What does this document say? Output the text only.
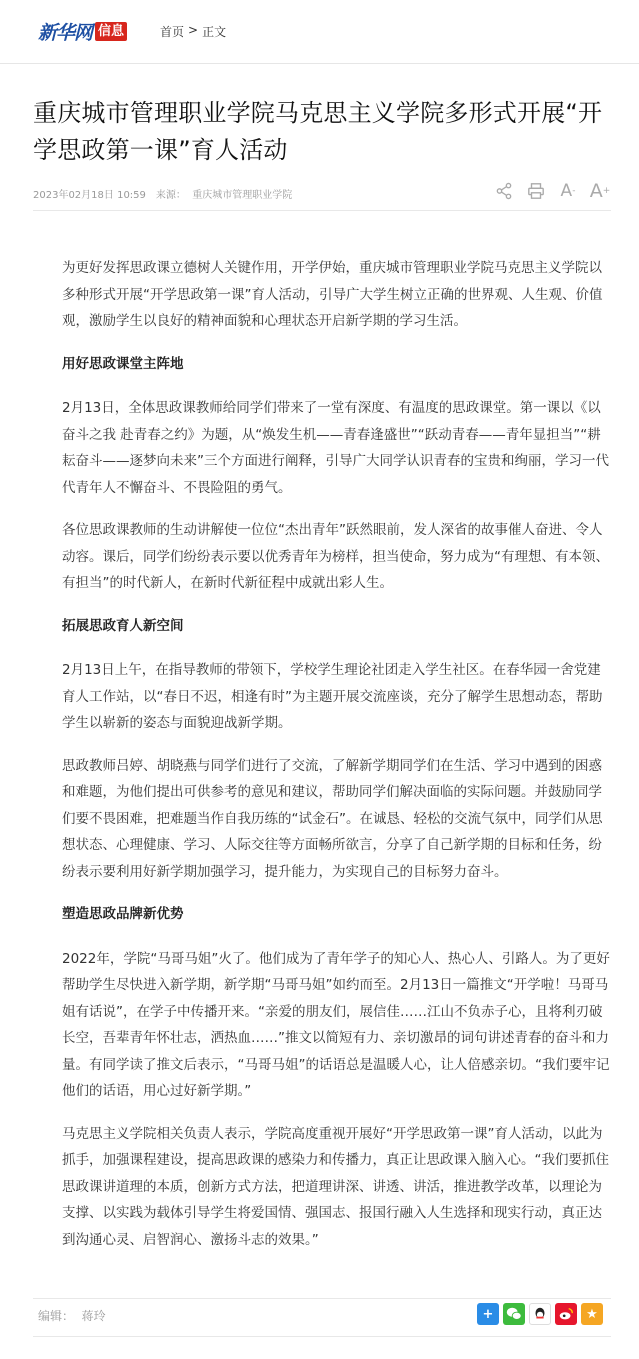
新华网 信息	首页 > 正文
重庆城市管理职业学院马克思主义学院多形式开展“开学思政第一课”育人活动
2023年02月18日 10:59 来源： 重庆城市管理职业学院	A - A +

为更好发挥思政课立德树人关键作用，开学伊始，重庆城市管理职业学院马克思主义学院以多种形式开展“开学思政第一课”育人活动，引导广大学生树立正确的世界观、人生观、价值观，激励学生以良好的精神面貌和心理状态开启新学期的学习生活。

用好思政课堂主阵地

2月13日，全体思政课教师给同学们带来了一堂有深度、有温度的思政课堂。第一课以《以奋斗之我 赴青春之约》为题，从“焕发生机——青春逢盛世”“跃动青春——青年显担当”“耕耘奋斗——逐梦向未来”三个方面进行阐释，引导广大同学认识青春的宝贵和绚丽，学习一代代青年人不懈奋斗、不畏险阻的勇气。

各位思政课教师的生动讲解使一位位“杰出青年”跃然眼前，发人深省的故事催人奋进、令人动容。课后，同学们纷纷表示要以优秀青年为榜样，担当使命，努力成为“有理想、有本领、有担当”的时代新人，在新时代新征程中成就出彩人生。

拓展思政育人新空间

2月13日上午，在指导教师的带领下，学校学生理论社团走入学生社区。在春华园一舍党建育人工作站，以“春日不迟，相逢有时”为主题开展交流座谈，充分了解学生思想动态，帮助学生以崭新的姿态与面貌迎战新学期。

思政教师吕婷、胡晓燕与同学们进行了交流，了解新学期同学们在生活、学习中遇到的困惑和难题，为他们提出可供参考的意见和建议，帮助同学们解决面临的实际问题。并鼓励同学们要不畏困难，把难题当作自我历练的“试金石”。在诚恳、轻松的交流气氛中，同学们从思想状态、心理健康、学习、人际交往等方面畅所欲言，分享了自己新学期的目标和任务，纷纷表示要利用好新学期加强学习，提升能力，为实现自己的目标努力奋斗。

塑造思政品牌新优势

2022年，学院“马哥马姐”火了。他们成为了青年学子的知心人、热心人、引路人。为了更好帮助学生尽快进入新学期，新学期“马哥马姐”如约而至。2月13日一篇推文“开学啦！马哥马姐有话说”，在学子中传播开来。“亲爱的朋友们，展信佳……江山不负赤子心，且将利刃破长空，吾辈青年怀壮志，洒热血……”推文以简短有力、亲切激昂的词句讲述青春的奋斗和力量。有同学读了推文后表示，“马哥马姐”的话语总是温暖人心，让人倍感亲切。“我们要牢记他们的话语，用心过好新学期。”

马克思主义学院相关负责人表示，学院高度重视开展好“开学思政第一课”育人活动，以此为抓手，加强课程建设，提高思政课的感染力和传播力，真正让思政课入脑入心。“我们要抓住思政课讲道理的本质，创新方式方法，把道理讲深、讲透、讲活，推进教学改革，以理论为支撑、以实践为载体引导学生将爱国情、强国志、报国行融入人生选择和现实行动，真正达到沟通心灵、启智润心、激扬斗志的效果。”

编辑： 蒋玲	+	★
